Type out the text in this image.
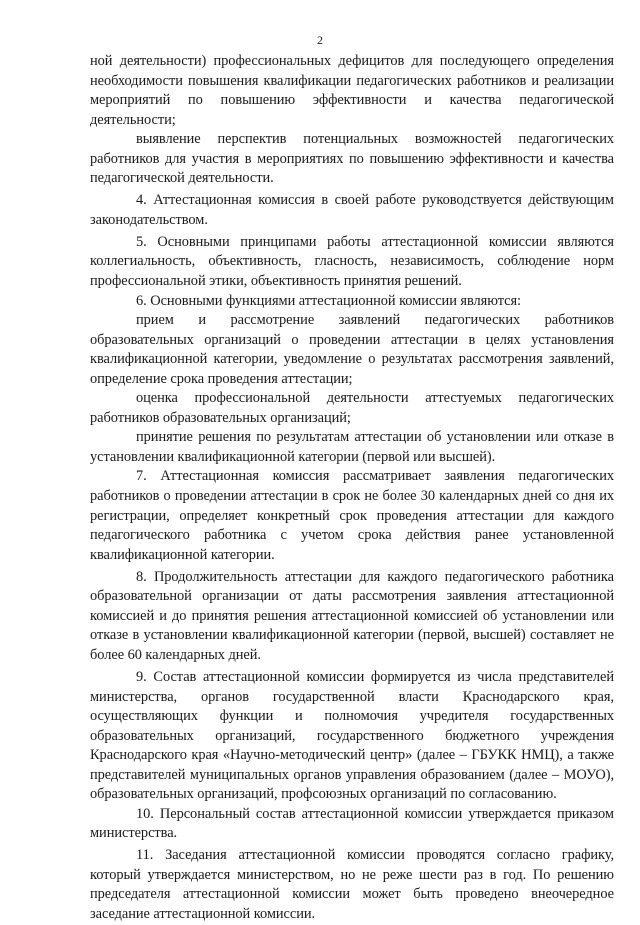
2

ной деятельности) профессиональных дефицитов для последующего определения необходимости повышения квалификации педагогических работников и реализации мероприятий по повышению эффективности и качества педагогической деятельности;

выявление перспектив потенциальных возможностей педагогических работников для участия в мероприятиях по повышению эффективности и качества педагогической деятельности.

4. Аттестационная комиссия в своей работе руководствуется действующим законодательством.

5. Основными принципами работы аттестационной комиссии являются коллегиальность, объективность, гласность, независимость, соблюдение норм профессиональной этики, объективность принятия решений.

6. Основными функциями аттестационной комиссии являются:

прием и рассмотрение заявлений педагогических работников образовательных организаций о проведении аттестации в целях установления квалификационной категории, уведомление о результатах рассмотрения заявлений, определение срока проведения аттестации;

оценка профессиональной деятельности аттестуемых педагогических работников образовательных организаций;

принятие решения по результатам аттестации об установлении или отказе в установлении квалификационной категории (первой или высшей).

7. Аттестационная комиссия рассматривает заявления педагогических работников о проведении аттестации в срок не более 30 календарных дней со дня их регистрации, определяет конкретный срок проведения аттестации для каждого педагогического работника с учетом срока действия ранее установленной квалификационной категории.

8. Продолжительность аттестации для каждого педагогического работника образовательной организации от даты рассмотрения заявления аттестационной комиссией и до принятия решения аттестационной комиссией об установлении или отказе в установлении квалификационной категории (первой, высшей) составляет не более 60 календарных дней.

9. Состав аттестационной комиссии формируется из числа представителей министерства, органов государственной власти Краснодарского края, осуществляющих функции и полномочия учредителя государственных образовательных организаций, государственного бюджетного учреждения Краснодарского края «Научно-методический центр» (далее – ГБУКК НМЦ), а также представителей муниципальных органов управления образованием (далее – МОУО), образовательных организаций, профсоюзных организаций по согласованию.

10. Персональный состав аттестационной комиссии утверждается приказом министерства.

11. Заседания аттестационной комиссии проводятся согласно графику, который утверждается министерством, но не реже шести раз в год. По решению председателя аттестационной комиссии может быть проведено внеочередное заседание аттестационной комиссии.
